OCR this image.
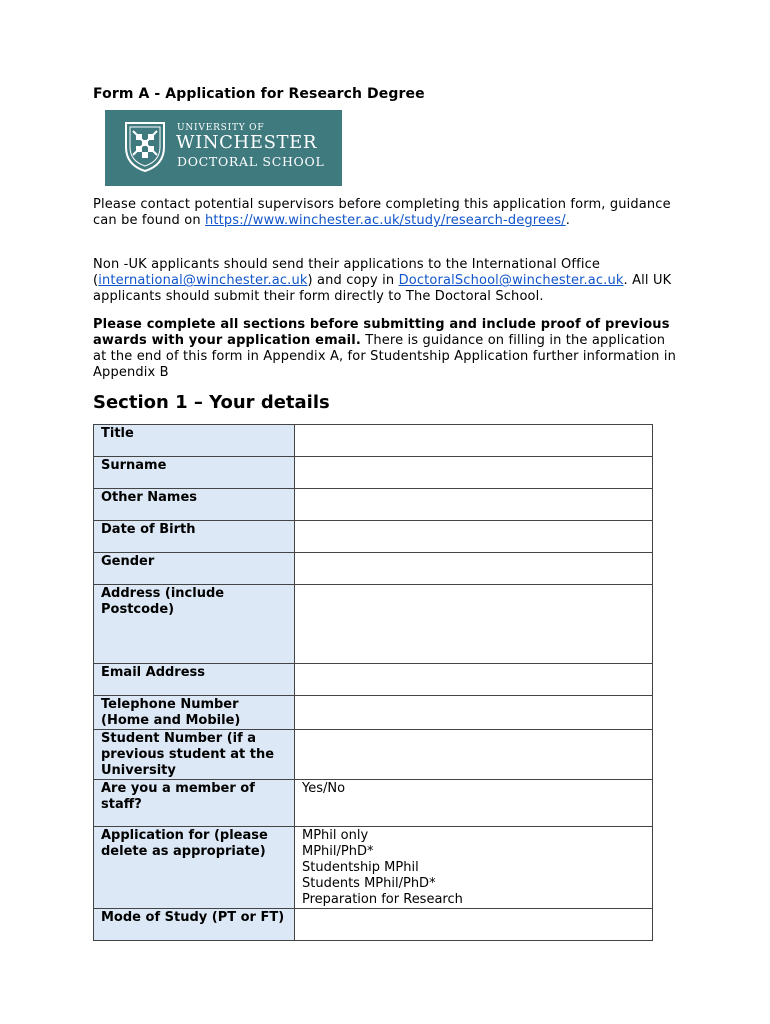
Form A - Application for Research Degree
UNIVERSITY OF
WINCHESTER
DOCTORAL SCHOOL

Please contact potential supervisors before completing this application form, guidance can be found on https://www.winchester.ac.uk/study/research-degrees/.

Non -UK applicants should send their applications to the International Office (international@winchester.ac.uk) and copy in DoctoralSchool@winchester.ac.uk. All UK applicants should submit their form directly to The Doctoral School.

Please complete all sections before submitting and include proof of previous awards with your application email. There is guidance on filling in the application at the end of this form in Appendix A, for Studentship Application further information in Appendix B

Section 1 – Your details
Title	
Surname	
Other Names	
Date of Birth	
Gender	
Address (include Postcode)	
Email Address	
Telephone Number (Home and Mobile)	
Student Number (if a previous student at the University	
Are you a member of staff?	Yes/No
Application for (please delete as appropriate)	MPhil only
MPhil/PhD*
Studentship MPhil
Students MPhil/PhD*
Preparation for Research
Mode of Study (PT or FT)	
